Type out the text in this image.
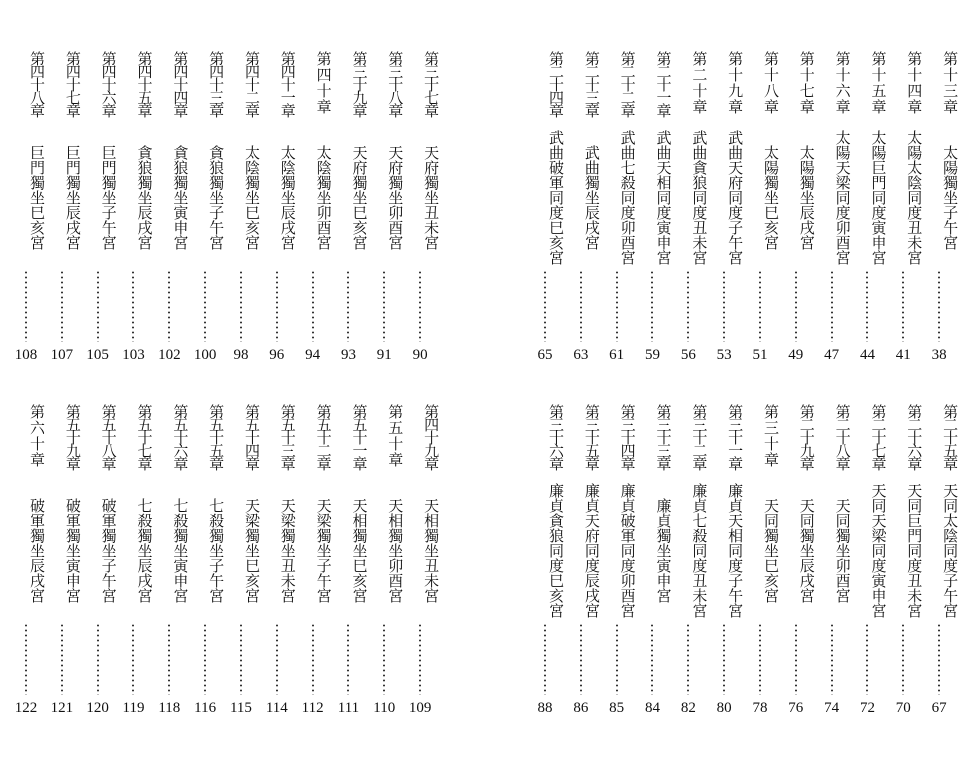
第十三章
太陽獨坐子午宮
38
第十四章
太陽太陰同度丑未宮
41
第十五章
太陽巨門同度寅申宮
44
第十六章
太陽天梁同度卯酉宮
47
第十七章
太陽獨坐辰戌宮
49
第十八章
太陽獨坐巳亥宮
51
第十九章
武曲天府同度子午宮
53
第二十章
武曲貪狼同度丑未宮
56
第二十一章
武曲天相同度寅申宮
59
第二十二章
武曲七殺同度卯酉宮
61
第二十三章
武曲獨坐辰戌宮
63
第二十四章
武曲破軍同度巳亥宮
65
第三十七章
天府獨坐丑未宮
90
第三十八章
天府獨坐卯酉宮
91
第三十九章
天府獨坐巳亥宮
93
第四十章
太陰獨坐卯酉宮
94
第四十一章
太陰獨坐辰戌宮
96
第四十二章
太陰獨坐巳亥宮
98
第四十三章
貪狼獨坐子午宮
100
第四十四章
貪狼獨坐寅申宮
102
第四十五章
貪狼獨坐辰戌宮
103
第四十六章
巨門獨坐子午宮
105
第四十七章
巨門獨坐辰戌宮
107
第四十八章
巨門獨坐巳亥宮
108
第二十五章
天同太陰同度子午宮
67
第二十六章
天同巨門同度丑未宮
70
第二十七章
天同天梁同度寅申宮
72
第二十八章
天同獨坐卯酉宮
74
第二十九章
天同獨坐辰戌宮
76
第三十章
天同獨坐巳亥宮
78
第三十一章
廉貞天相同度子午宮
80
第三十二章
廉貞七殺同度丑未宮
82
第三十三章
廉貞獨坐寅申宮
84
第三十四章
廉貞破軍同度卯酉宮
85
第三十五章
廉貞天府同度辰戌宮
86
第三十六章
廉貞貪狼同度巳亥宮
88
第四十九章
天相獨坐丑未宮
109
第五十章
天相獨坐卯酉宮
110
第五十一章
天相獨坐巳亥宮
111
第五十二章
天梁獨坐子午宮
112
第五十三章
天梁獨坐丑未宮
114
第五十四章
天梁獨坐巳亥宮
115
第五十五章
七殺獨坐子午宮
116
第五十六章
七殺獨坐寅申宮
118
第五十七章
七殺獨坐辰戌宮
119
第五十八章
破軍獨坐子午宮
120
第五十九章
破軍獨坐寅申宮
121
第六十章
破軍獨坐辰戌宮
122
